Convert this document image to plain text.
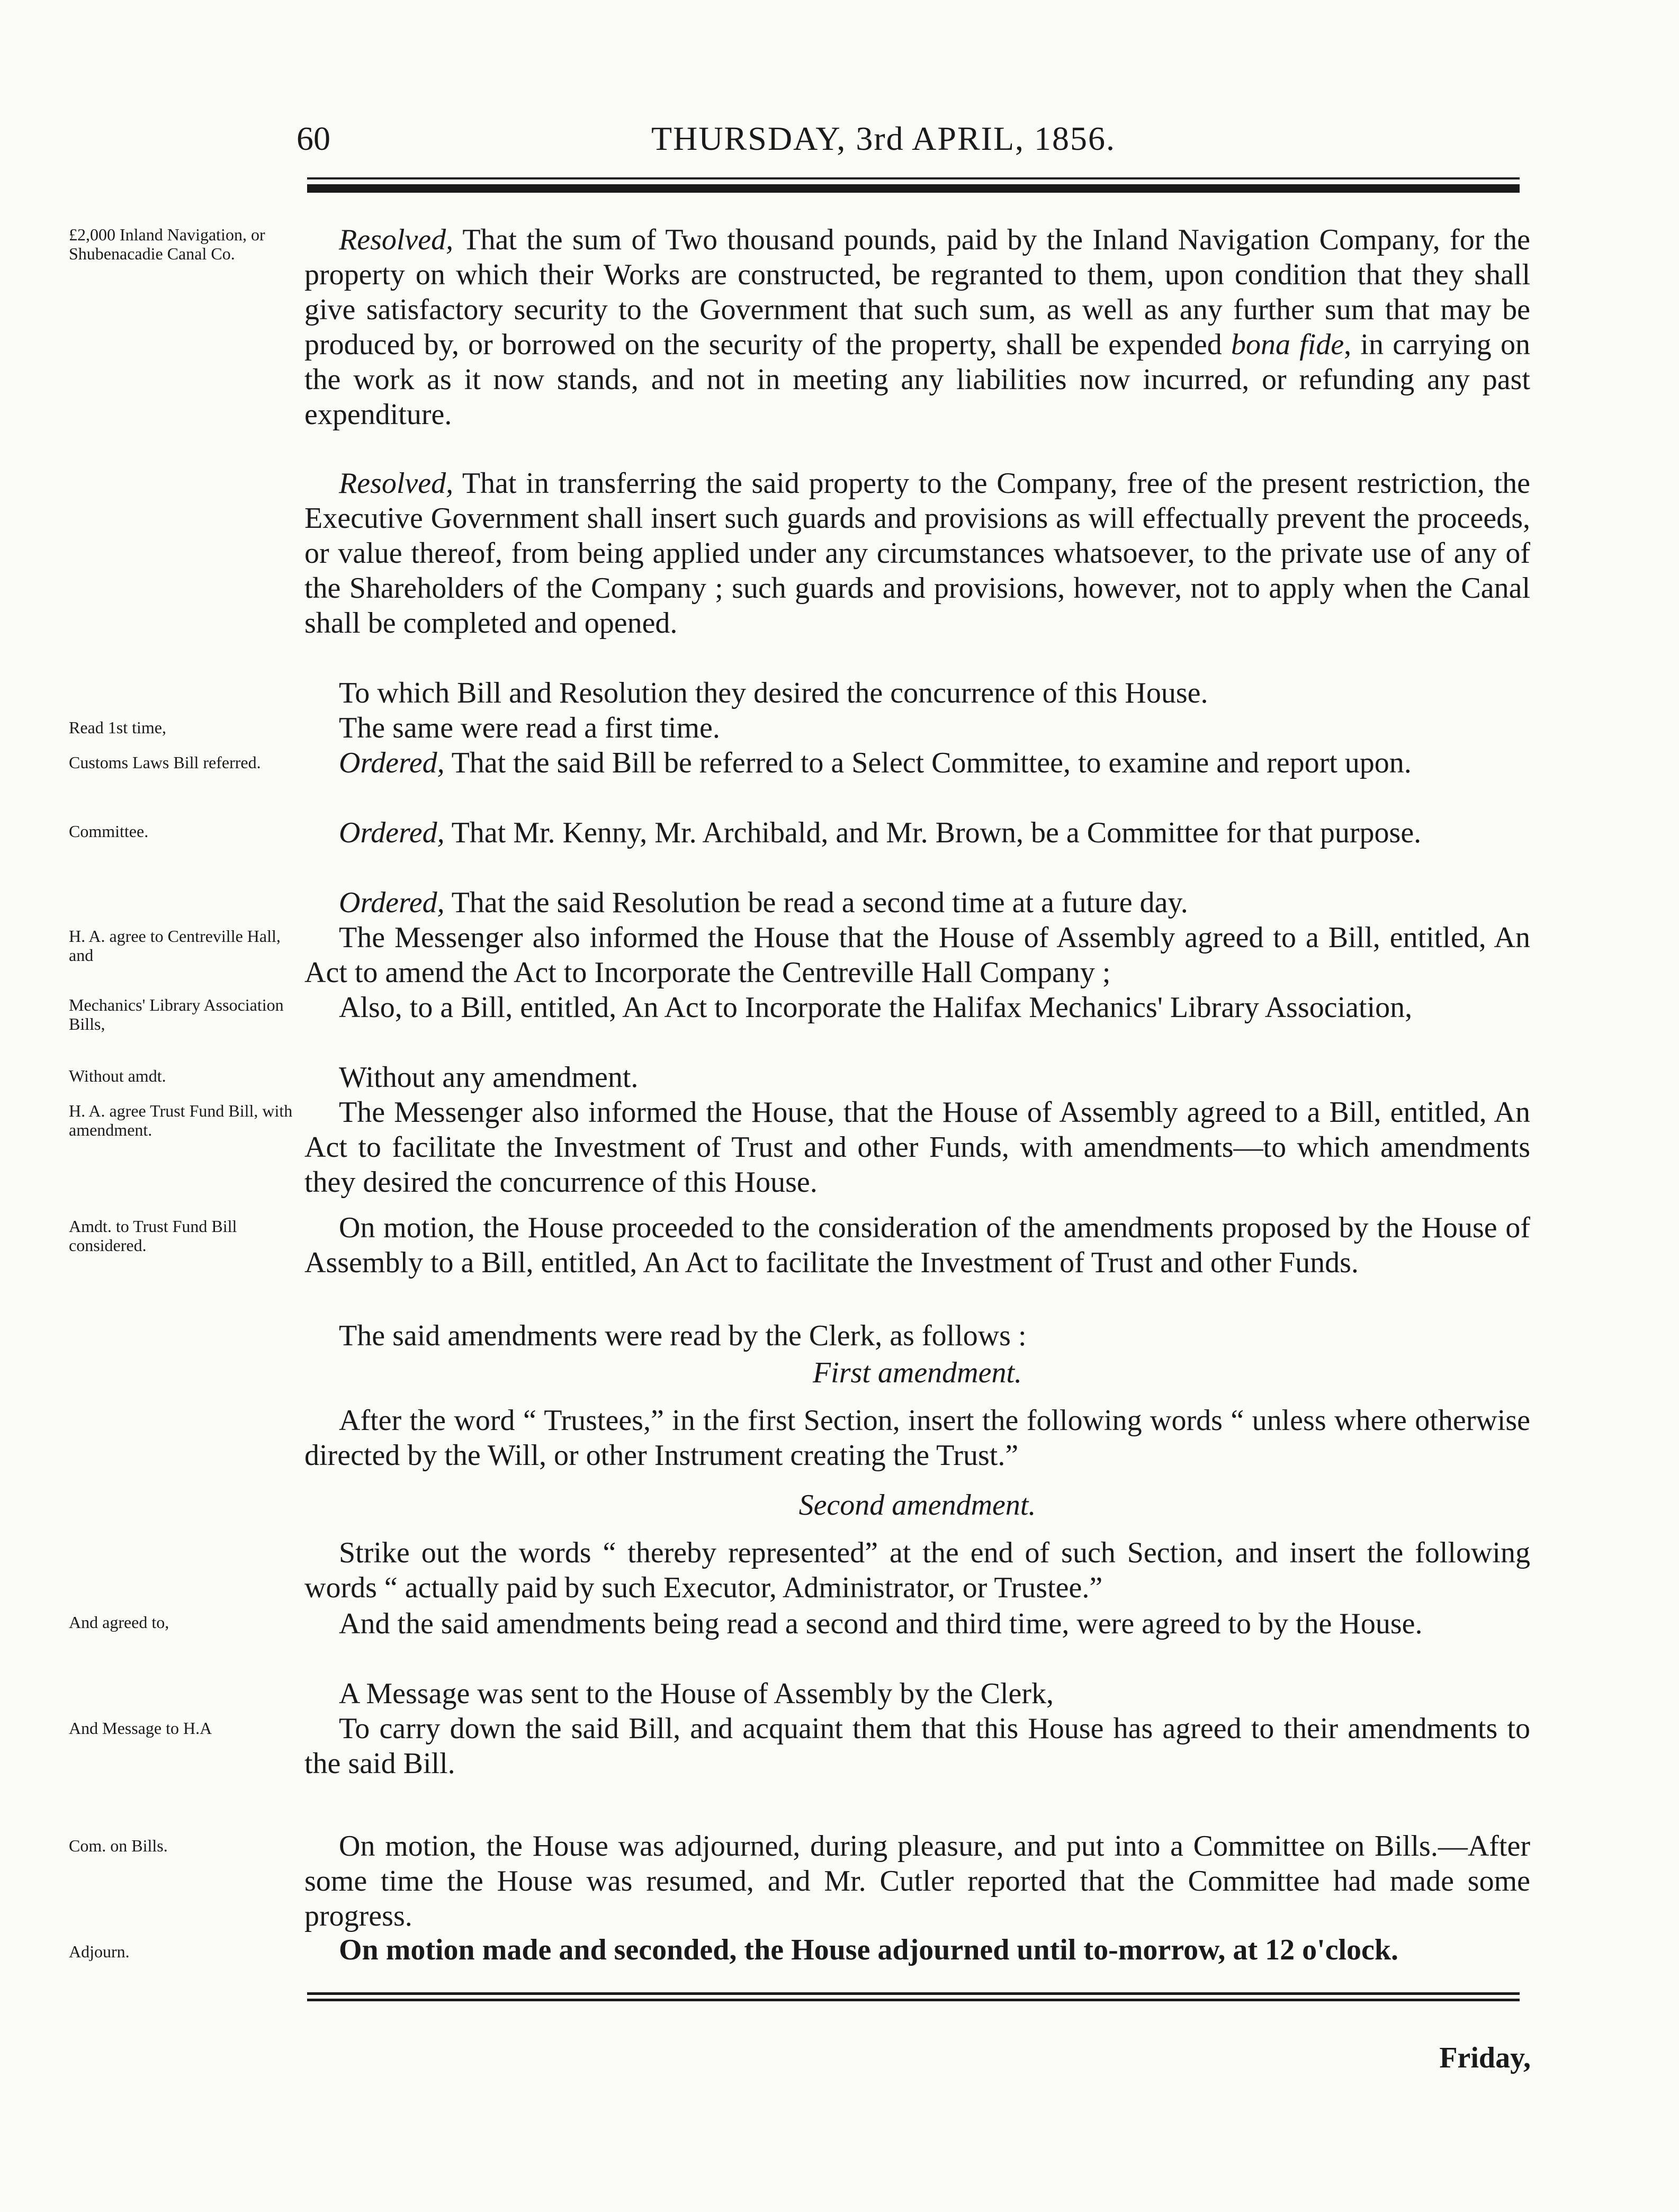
60	THURSDAY, 3rd APRIL, 1856.
£2,000 Inland Navigation, or Shubenacadie Canal Co.	Resolved, That the sum of Two thousand pounds, paid by the Inland Navigation Company, for the property on which their Works are constructed, be regranted to them, upon condition that they shall give satisfactory security to the Government that such sum, as well as any further sum that may be produced by, or borrowed on the security of the property, shall be expended bona fide, in carrying on the work as it now stands, and not in meeting any liabilities now incurred, or refunding any past expenditure.
Resolved, That in transferring the said property to the Company, free of the present restriction, the Executive Government shall insert such guards and provisions as will effectually prevent the proceeds, or value thereof, from being applied under any circumstances whatsoever, to the private use of any of the Shareholders of the Company ; such guards and provisions, however, not to apply when the Canal shall be completed and opened.
To which Bill and Resolution they desired the concurrence of this House.
Read 1st time,	The same were read a first time.
Customs Laws Bill referred.	Ordered, That the said Bill be referred to a Select Committee, to examine and report upon.
Committee.	Ordered, That Mr. Kenny, Mr. Archibald, and Mr. Brown, be a Committee for that purpose.
Ordered, That the said Resolution be read a second time at a future day.
H. A. agree to Centreville Hall, and
The Messenger also informed the House that the House of Assembly agreed to a Bill, entitled, An Act to amend the Act to Incorporate the Centreville Hall Company ;
Mechanics' Library Association Bills,	Also, to a Bill, entitled, An Act to Incorporate the Halifax Mechanics' Library Association,
Without amdt.	Without any amendment.
H. A. agree Trust Fund Bill, with amendment.
The Messenger also informed the House, that the House of Assembly agreed to a Bill, entitled, An Act to facilitate the Investment of Trust and other Funds, with amendments—to which amendments they desired the concurrence of this House.
Amdt. to Trust Fund Bill considered.
On motion, the House proceeded to the consideration of the amendments proposed by the House of Assembly to a Bill, entitled, An Act to facilitate the Investment of Trust and other Funds.
The said amendments were read by the Clerk, as follows :
First amendment.
After the word “ Trustees,” in the first Section, insert the following words “ unless where otherwise directed by the Will, or other Instrument creating the Trust.”
Second amendment.
Strike out the words “ thereby represented” at the end of such Section, and insert the following words “ actually paid by such Executor, Administrator, or Trustee.”
And agreed to,	And the said amendments being read a second and third time, were agreed to by the House.
A Message was sent to the House of Assembly by the Clerk,
And Message to H.A	To carry down the said Bill, and acquaint them that this House has agreed to their amendments to the said Bill.
Com. on Bills.	On motion, the House was adjourned, during pleasure, and put into a Committee on Bills.—After some time the House was resumed, and Mr. Cutler reported that the Committee had made some progress.
Adjourn.	On motion made and seconded, the House adjourned until to-morrow, at 12 o'clock.
Friday,
